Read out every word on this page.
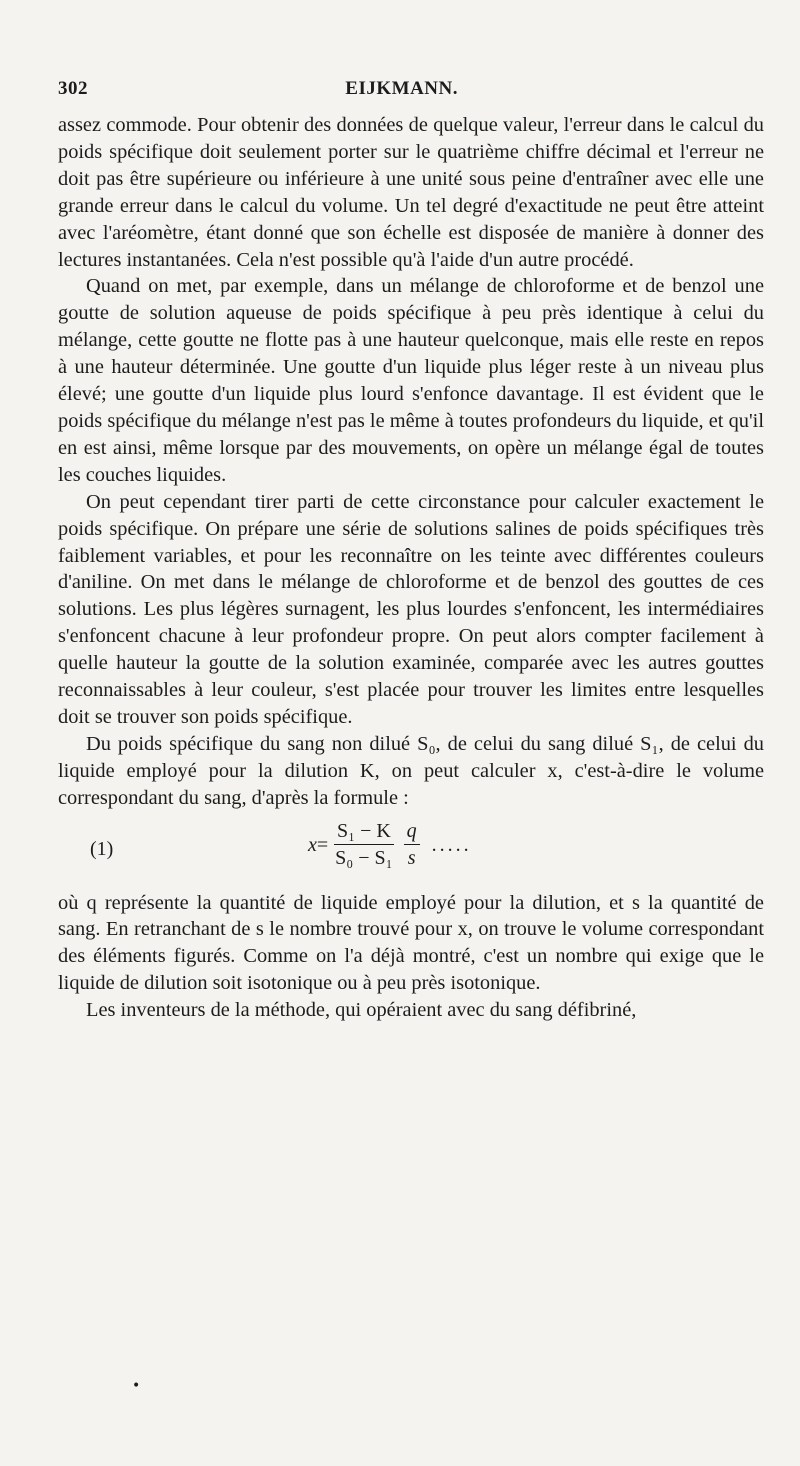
302	EIJKMANN.

assez commode. Pour obtenir des données de quelque valeur, l'erreur dans le calcul du poids spécifique doit seulement porter sur le quatrième chiffre décimal et l'erreur ne doit pas être supérieure ou inférieure à une unité sous peine d'entraîner avec elle une grande erreur dans le calcul du volume. Un tel degré d'exactitude ne peut être atteint avec l'aréomètre, étant donné que son échelle est disposée de manière à donner des lectures instantanées. Cela n'est possible qu'à l'aide d'un autre procédé.

Quand on met, par exemple, dans un mélange de chloroforme et de benzol une goutte de solution aqueuse de poids spécifique à peu près identique à celui du mélange, cette goutte ne flotte pas à une hauteur quelconque, mais elle reste en repos à une hauteur déterminée. Une goutte d'un liquide plus léger reste à un niveau plus élevé; une goutte d'un liquide plus lourd s'enfonce davantage. Il est évident que le poids spécifique du mélange n'est pas le même à toutes profondeurs du liquide, et qu'il en est ainsi, même lorsque par des mouvements, on opère un mélange égal de toutes les couches liquides.

On peut cependant tirer parti de cette circonstance pour calculer exactement le poids spécifique. On prépare une série de solutions salines de poids spécifiques très faiblement variables, et pour les reconnaître on les teinte avec différentes couleurs d'aniline. On met dans le mélange de chloroforme et de benzol des gouttes de ces solutions. Les plus légères surnagent, les plus lourdes s'enfoncent, les intermédiaires s'enfoncent chacune à leur profondeur propre. On peut alors compter facilement à quelle hauteur la goutte de la solution examinée, comparée avec les autres gouttes reconnaissables à leur couleur, s'est placée pour trouver les limites entre lesquelles doit se trouver son poids spécifique.

Du poids spécifique du sang non dilué S₀, de celui du sang dilué S₁, de celui du liquide employé pour la dilution K, on peut calculer x, c'est-à-dire le volume correspondant du sang, d'après la formule :

(1)	$x = \frac{\text{S₁ − K}}{\text{S₀ − S₁}} \frac{q}{s}$ .....

où q représente la quantité de liquide employé pour la dilution, et s la quantité de sang. En retranchant de s le nombre trouvé pour x, on trouve le volume correspondant des éléments figurés. Comme on l'a déjà montré, c'est un nombre qui exige que le liquide de dilution soit isotonique ou à peu près isotonique.

Les inventeurs de la méthode, qui opéraient avec du sang défibriné,

•
